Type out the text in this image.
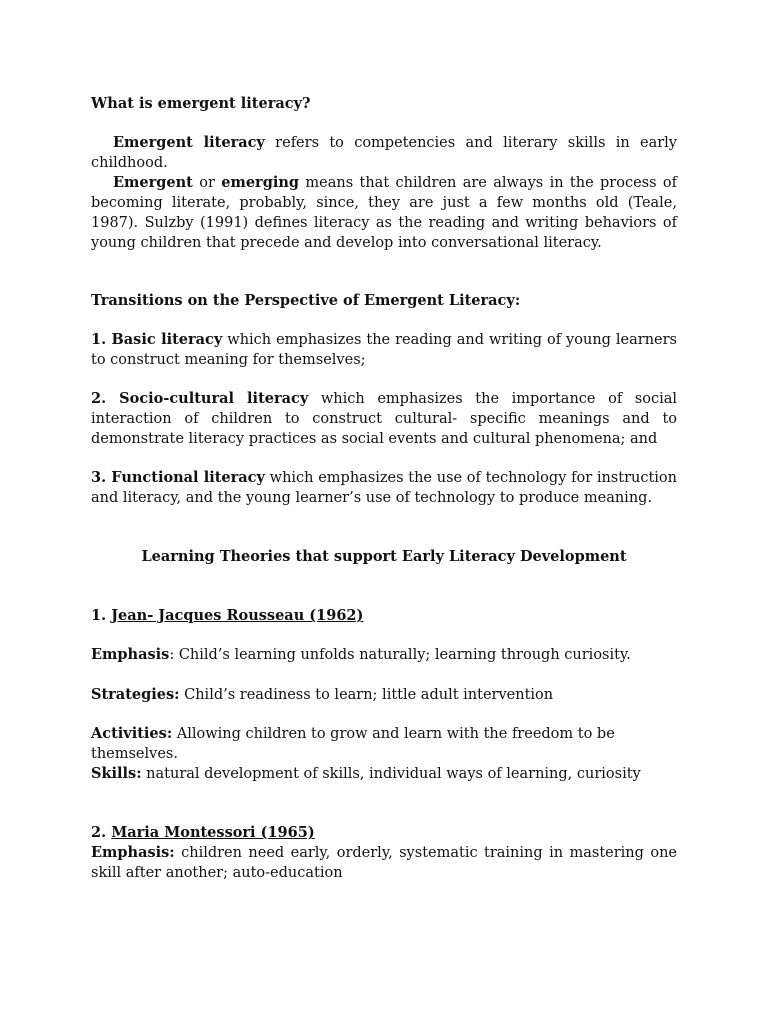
What is emergent literacy?

Emergent literacy refers to competencies and literary skills in early childhood.

Emergent or emerging means that children are always in the process of becoming literate, probably, since, they are just a few months old (Teale, 1987). Sulzby (1991) defines literacy as the reading and writing behaviors of young children that precede and develop into conversational literacy.

Transitions on the Perspective of Emergent Literacy:

1. Basic literacy which emphasizes the reading and writing of young learners to construct meaning for themselves;

2. Socio-cultural literacy which emphasizes the importance of social interaction of children to construct cultural- specific meanings and to demonstrate literacy practices as social events and cultural phenomena; and

3. Functional literacy which emphasizes the use of technology for instruction and literacy, and the young learner’s use of technology to produce meaning.

Learning Theories that support Early Literacy Development

1. Jean- Jacques Rousseau (1962)

Emphasis: Child’s learning unfolds naturally; learning through curiosity.

Strategies: Child’s readiness to learn; little adult intervention

Activities: Allowing children to grow and learn with the freedom to be themselves.

Skills: natural development of skills, individual ways of learning, curiosity

2. Maria Montessori (1965)

Emphasis: children need early, orderly, systematic training in mastering one skill after another; auto-education
